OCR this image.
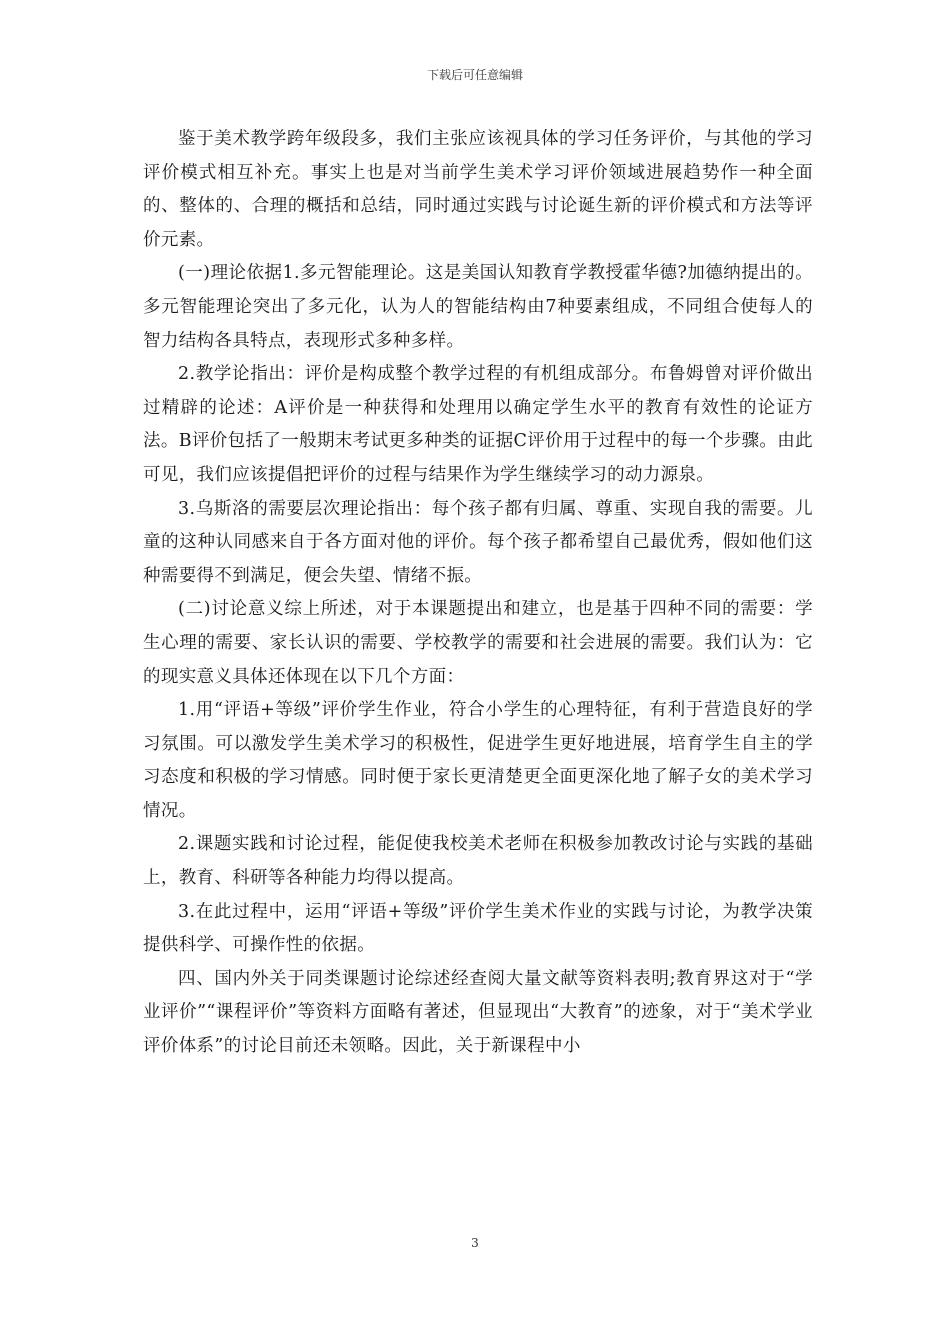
下载后可任意编辑

鉴于美术教学跨年级段多，我们主张应该视具体的学习任务评价，与其他的学习评价模式相互补充。事实上也是对当前学生美术学习评价领域进展趋势作一种全面的、整体的、合理的概括和总结，同时通过实践与讨论诞生新的评价模式和方法等评价元素。

(一)理论依据1.多元智能理论。这是美国认知教育学教授霍华德?加德纳提出的。多元智能理论突出了多元化，认为人的智能结构由7种要素组成，不同组合使每人的智力结构各具特点，表现形式多种多样。

2.教学论指出：评价是构成整个教学过程的有机组成部分。布鲁姆曾对评价做出过精辟的论述：A评价是一种获得和处理用以确定学生水平的教育有效性的论证方法。B评价包括了一般期末考试更多种类的证据C评价用于过程中的每一个步骤。由此可见，我们应该提倡把评价的过程与结果作为学生继续学习的动力源泉。

3.乌斯洛的需要层次理论指出：每个孩子都有归属、尊重、实现自我的需要。儿童的这种认同感来自于各方面对他的评价。每个孩子都希望自己最优秀，假如他们这种需要得不到满足，便会失望、情绪不振。

(二)讨论意义综上所述，对于本课题提出和建立，也是基于四种不同的需要：学生心理的需要、家长认识的需要、学校教学的需要和社会进展的需要。我们认为：它的现实意义具体还体现在以下几个方面：

1.用“评语+等级”评价学生作业，符合小学生的心理特征，有利于营造良好的学习氛围。可以激发学生美术学习的积极性，促进学生更好地进展，培育学生自主的学习态度和积极的学习情感。同时便于家长更清楚更全面更深化地了解子女的美术学习情况。

2.课题实践和讨论过程，能促使我校美术老师在积极参加教改讨论与实践的基础上，教育、科研等各种能力均得以提高。

3.在此过程中，运用“评语+等级”评价学生美术作业的实践与讨论，为教学决策提供科学、可操作性的依据。

四、国内外关于同类课题讨论综述经查阅大量文献等资料表明;教育界这对于“学业评价”“课程评价”等资料方面略有著述，但显现出“大教育”的迹象，对于“美术学业评价体系”的讨论目前还未领略。因此，关于新课程中小

3
